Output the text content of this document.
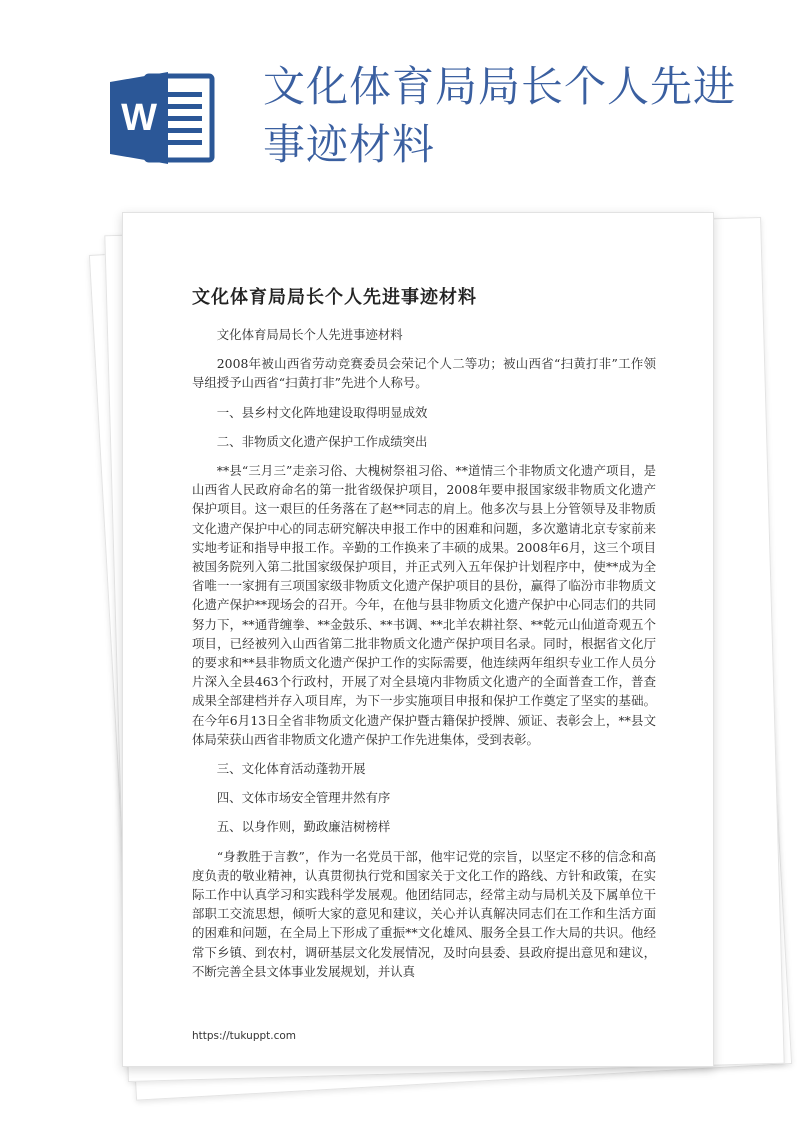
W
文化体育局局长个人先进事迹材料
文化体育局局长个人先进事迹材料

文化体育局局长个人先进事迹材料

2008年被山西省劳动竞赛委员会荣记个人二等功；被山西省“扫黄打非”工作领导组授予山西省“扫黄打非”先进个人称号。

一、县乡村文化阵地建设取得明显成效

二、非物质文化遗产保护工作成绩突出

**县“三月三”走亲习俗、大槐树祭祖习俗、**道情三个非物质文化遗产项目，是山西省人民政府命名的第一批省级保护项目，2008年要申报国家级非物质文化遗产保护项目。这一艰巨的任务落在了赵**同志的肩上。他多次与县上分管领导及非物质文化遗产保护中心的同志研究解决申报工作中的困难和问题，多次邀请北京专家前来实地考证和指导申报工作。辛勤的工作换来了丰硕的成果。2008年6月，这三个项目被国务院列入第二批国家级保护项目，并正式列入五年保护计划程序中，使**成为全省唯一一家拥有三项国家级非物质文化遗产保护项目的县份，赢得了临汾市非物质文化遗产保护**现场会的召开。今年，在他与县非物质文化遗产保护中心同志们的共同努力下，**通背缠拳、**金鼓乐、**书调、**北羊农耕社祭、**乾元山仙道奇观五个项目，已经被列入山西省第二批非物质文化遗产保护项目名录。同时，根据省文化厅的要求和**县非物质文化遗产保护工作的实际需要，他连续两年组织专业工作人员分片深入全县463个行政村，开展了对全县境内非物质文化遗产的全面普查工作，普查成果全部建档并存入项目库，为下一步实施项目申报和保护工作奠定了坚实的基础。在今年6月13日全省非物质文化遗产保护暨古籍保护授牌、颁证、表彰会上，**县文体局荣获山西省非物质文化遗产保护工作先进集体，受到表彰。

三、文化体育活动蓬勃开展

四、文体市场安全管理井然有序

五、以身作则，勤政廉洁树榜样

“身教胜于言教”，作为一名党员干部，他牢记党的宗旨，以坚定不移的信念和高度负责的敬业精神，认真贯彻执行党和国家关于文化工作的路线、方针和政策，在实际工作中认真学习和实践科学发展观。他团结同志，经常主动与局机关及下属单位干部职工交流思想，倾听大家的意见和建议，关心并认真解决同志们在工作和生活方面的困难和问题，在全局上下形成了重振**文化雄风、服务全县工作大局的共识。他经常下乡镇、到农村，调研基层文化发展情况，及时向县委、县政府提出意见和建议，不断完善全县文体事业发展规划，并认真

https://tukuppt.com
